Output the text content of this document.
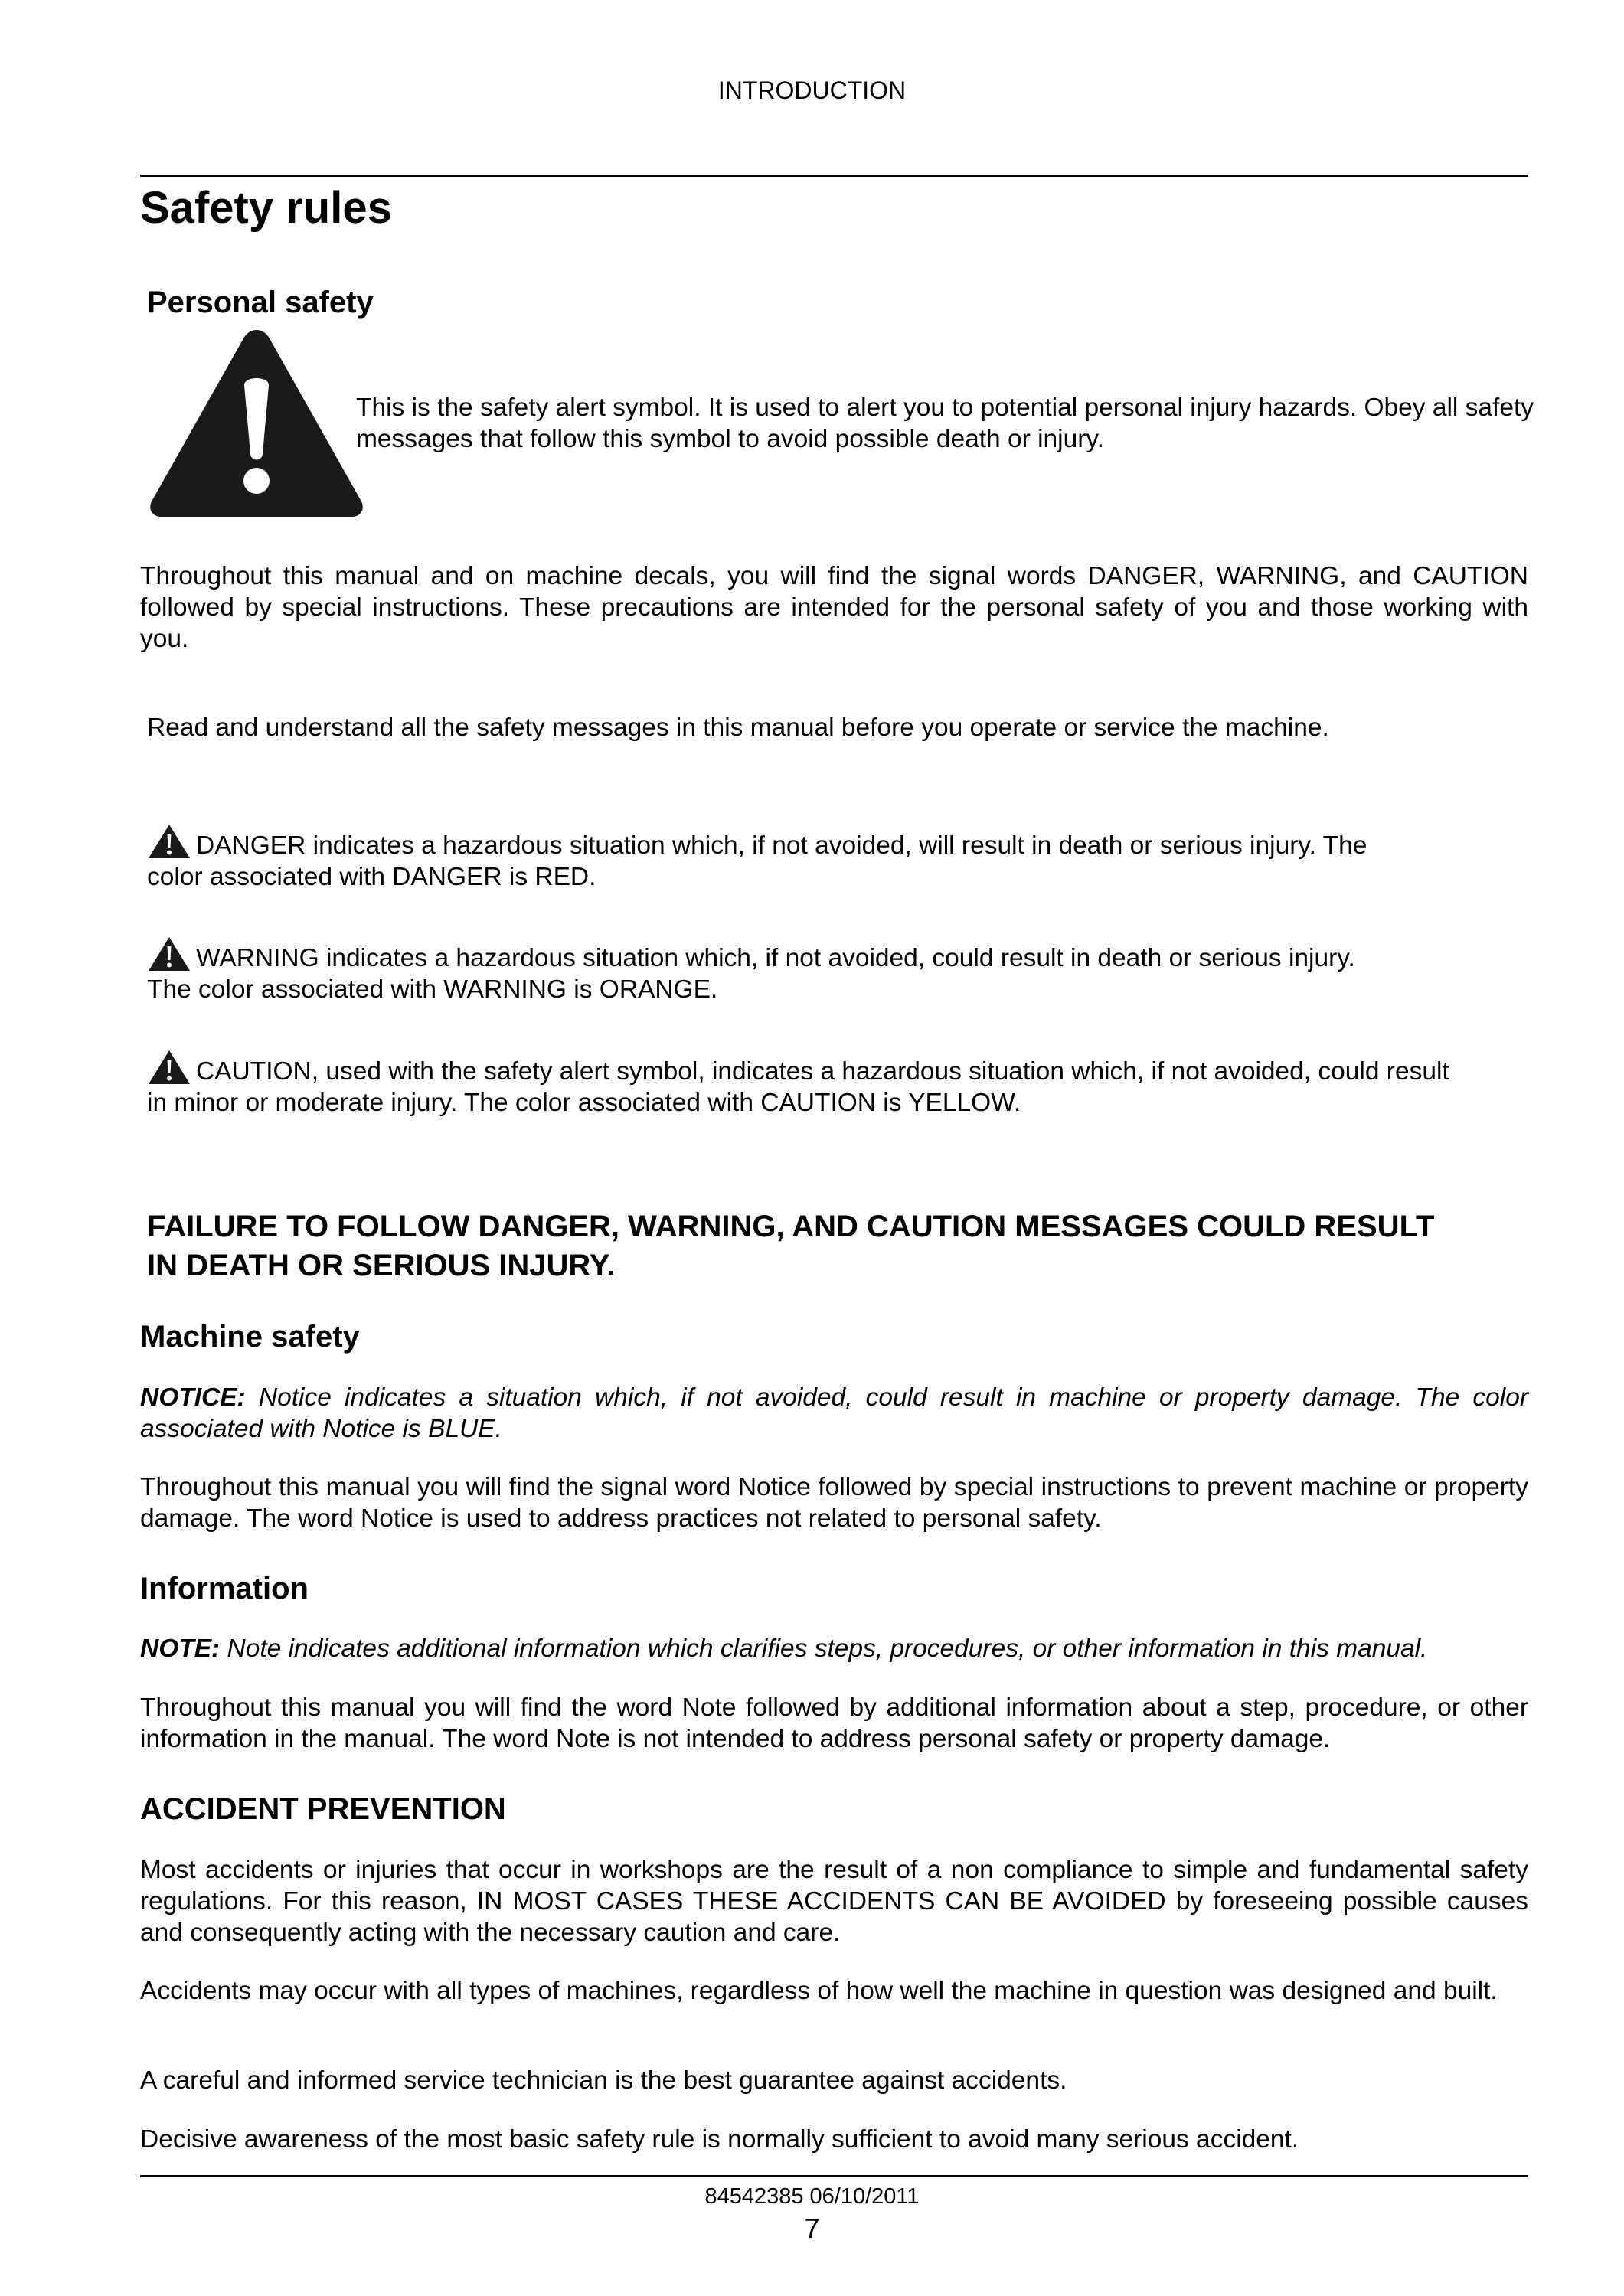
INTRODUCTION
Safety rules
Personal safety
This is the safety alert symbol. It is used to alert you to potential personal injury hazards. Obey all safety messages that follow this symbol to avoid possible death or injury.
Throughout this manual and on machine decals, you will find the signal words DANGER, WARNING, and CAUTION followed by special instructions. These precautions are intended for the personal safety of you and those working with you.
Read and understand all the safety messages in this manual before you operate or service the machine.
DANGER indicates a hazardous situation which, if not avoided, will result in death or serious injury. The
color associated with DANGER is RED.
WARNING indicates a hazardous situation which, if not avoided, could result in death or serious injury.
The color associated with WARNING is ORANGE.
CAUTION, used with the safety alert symbol, indicates a hazardous situation which, if not avoided, could result
in minor or moderate injury. The color associated with CAUTION is YELLOW.
FAILURE TO FOLLOW DANGER, WARNING, AND CAUTION MESSAGES COULD RESULT
IN DEATH OR SERIOUS INJURY.
Machine safety
NOTICE: Notice indicates a situation which, if not avoided, could result in machine or property damage. The color associated with Notice is BLUE.
Throughout this manual you will find the signal word Notice followed by special instructions to prevent machine or property damage. The word Notice is used to address practices not related to personal safety.
Information
NOTE: Note indicates additional information which clarifies steps, procedures, or other information in this manual.
Throughout this manual you will find the word Note followed by additional information about a step, procedure, or other information in the manual. The word Note is not intended to address personal safety or property damage.
ACCIDENT PREVENTION
Most accidents or injuries that occur in workshops are the result of a non compliance to simple and fundamental safety regulations. For this reason, IN MOST CASES THESE ACCIDENTS CAN BE AVOIDED by foreseeing possible causes and consequently acting with the necessary caution and care.
Accidents may occur with all types of machines, regardless of how well the machine in question was designed and built.
A careful and informed service technician is the best guarantee against accidents.
Decisive awareness of the most basic safety rule is normally sufficient to avoid many serious accident.
84542385 06/10/2011
7
